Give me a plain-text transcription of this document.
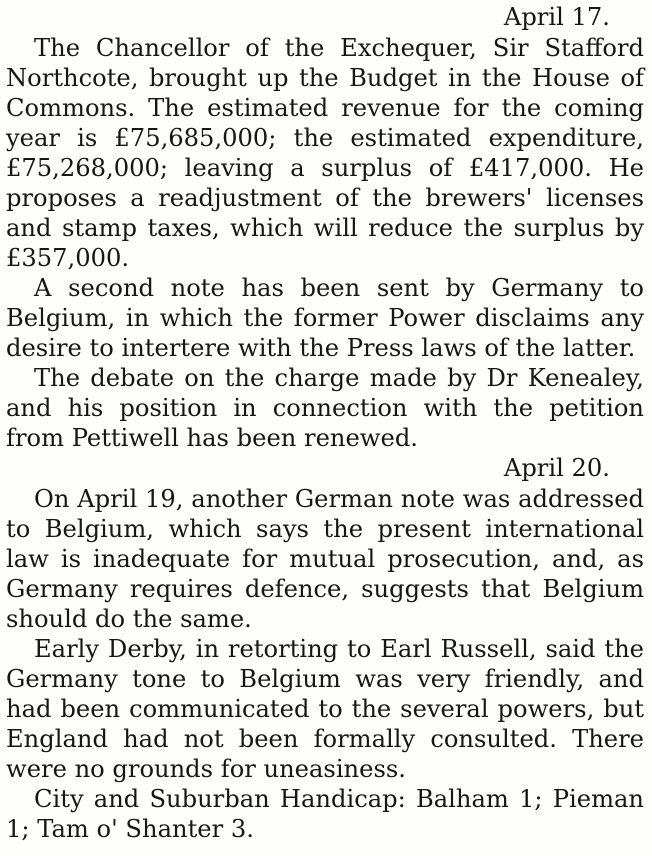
April 17.

The Chancellor of the Exchequer, Sir Stafford Northcote, brought up the Budget in the House of Commons. The estimated revenue for the coming year is £75,685,000; the estimated expenditure, £75,268,000; leaving a surplus of £417,000. He proposes a readjustment of the brewers' licenses and stamp taxes, which will reduce the surplus by £357,000.

A second note has been sent by Germany to Belgium, in which the former Power disclaims any desire to intertere with the Press laws of the latter.

The debate on the charge made by Dr Kenealey, and his position in connection with the petition from Pettiwell has been renewed.

April 20.

On April 19, another German note was addressed to Belgium, which says the present international law is inadequate for mutual prosecution, and, as Germany requires defence, suggests that Belgium should do the same.

Early Derby, in retorting to Earl Russell, said the Germany tone to Belgium was very friendly, and had been communicated to the several powers, but England had not been formally consulted. There were no grounds for uneasiness.

City and Suburban Handicap: Balham 1; Pieman 1; Tam o' Shanter 3.
